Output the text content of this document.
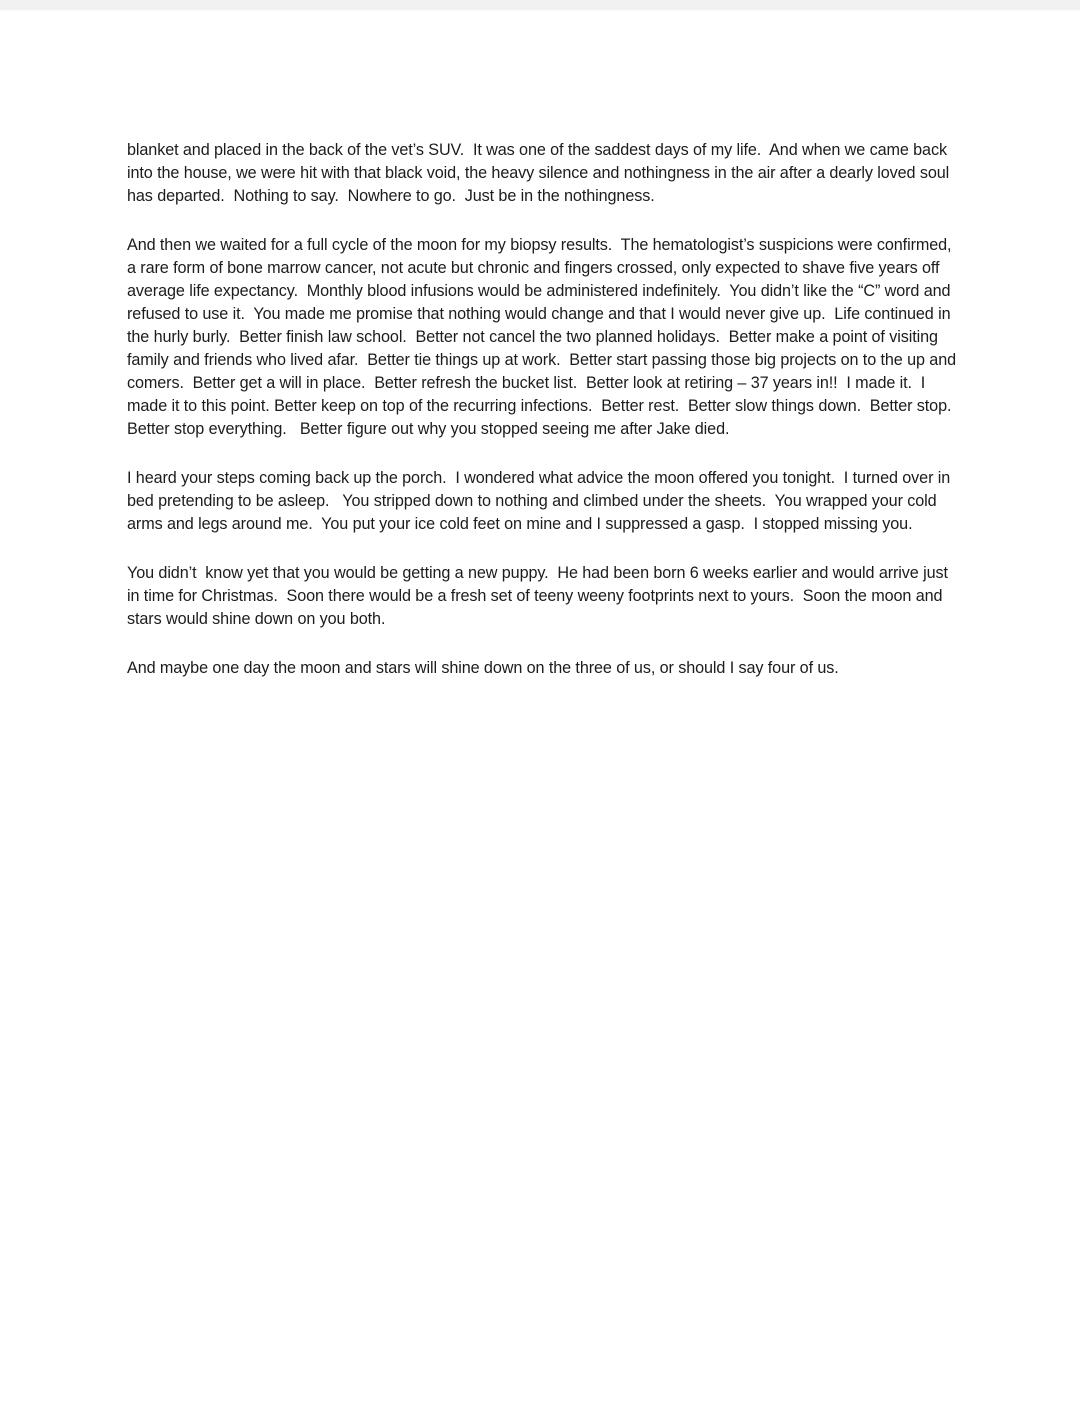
blanket and placed in the back of the vet’s SUV.  It was one of the saddest days of my life.  And when we came back into the house, we were hit with that black void, the heavy silence and nothingness in the air after a dearly loved soul has departed.  Nothing to say.  Nowhere to go.  Just be in the nothingness.

And then we waited for a full cycle of the moon for my biopsy results.  The hematologist’s suspicions were confirmed, a rare form of bone marrow cancer, not acute but chronic and fingers crossed, only expected to shave five years off average life expectancy.  Monthly blood infusions would be administered indefinitely.  You didn’t like the “C” word and refused to use it.  You made me promise that nothing would change and that I would never give up.  Life continued in the hurly burly.  Better finish law school.  Better not cancel the two planned holidays.  Better make a point of visiting family and friends who lived afar.  Better tie things up at work.  Better start passing those big projects on to the up and comers.  Better get a will in place.  Better refresh the bucket list.  Better look at retiring – 37 years in!!  I made it.  I made it to this point. Better keep on top of the recurring infections.  Better rest.  Better slow things down.  Better stop.  Better stop everything.   Better figure out why you stopped seeing me after Jake died.

I heard your steps coming back up the porch.  I wondered what advice the moon offered you tonight.  I turned over in bed pretending to be asleep.   You stripped down to nothing and climbed under the sheets.  You wrapped your cold arms and legs around me.  You put your ice cold feet on mine and I suppressed a gasp.  I stopped missing you.

You didn’t  know yet that you would be getting a new puppy.  He had been born 6 weeks earlier and would arrive just in time for Christmas.  Soon there would be a fresh set of teeny weeny footprints next to yours.  Soon the moon and stars would shine down on you both.

And maybe one day the moon and stars will shine down on the three of us, or should I say four of us.
